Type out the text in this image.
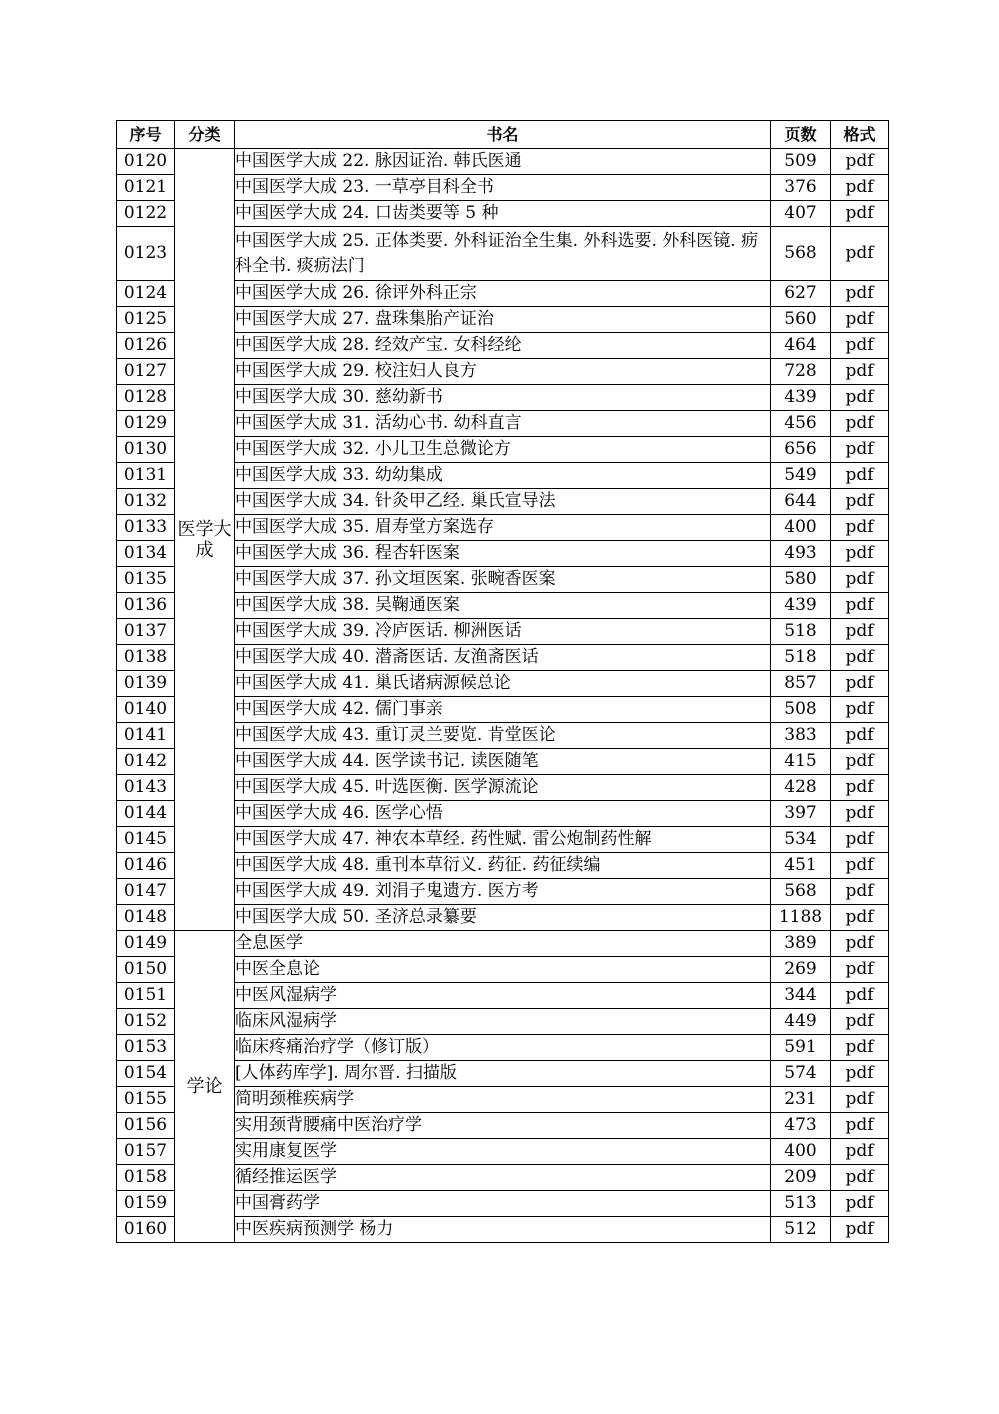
序号	分类	书名	页数	格式
0120	医学大成	中国医学大成 22. 脉因证治. 韩氏医通	509	pdf
0121		中国医学大成 23. 一草亭目科全书	376	pdf
0122		中国医学大成 24. 口齿类要等 5 种	407	pdf
0123		中国医学大成 25. 正体类要. 外科证治全生集. 外科选要. 外科医镜. 疬科全书. 痰疬法门	568	pdf
0124		中国医学大成 26. 徐评外科正宗	627	pdf
0125		中国医学大成 27. 盘珠集胎产证治	560	pdf
0126		中国医学大成 28. 经效产宝. 女科经纶	464	pdf
0127		中国医学大成 29. 校注妇人良方	728	pdf
0128		中国医学大成 30. 慈幼新书	439	pdf
0129		中国医学大成 31. 活幼心书. 幼科直言	456	pdf
0130		中国医学大成 32. 小儿卫生总微论方	656	pdf
0131		中国医学大成 33. 幼幼集成	549	pdf
0132		中国医学大成 34. 针灸甲乙经. 巢氏宣导法	644	pdf
0133		中国医学大成 35. 眉寿堂方案选存	400	pdf
0134		中国医学大成 36. 程杏轩医案	493	pdf
0135		中国医学大成 37. 孙文垣医案. 张畹香医案	580	pdf
0136		中国医学大成 38. 吴鞠通医案	439	pdf
0137		中国医学大成 39. 冷庐医话. 柳洲医话	518	pdf
0138		中国医学大成 40. 潜斋医话. 友渔斋医话	518	pdf
0139		中国医学大成 41. 巢氏诸病源候总论	857	pdf
0140		中国医学大成 42. 儒门事亲	508	pdf
0141		中国医学大成 43. 重订灵兰要览. 肯堂医论	383	pdf
0142		中国医学大成 44. 医学读书记. 读医随笔	415	pdf
0143		中国医学大成 45. 叶选医衡. 医学源流论	428	pdf
0144		中国医学大成 46. 医学心悟	397	pdf
0145		中国医学大成 47. 神农本草经. 药性赋. 雷公炮制药性解	534	pdf
0146		中国医学大成 48. 重刊本草衍义. 药征. 药征续编	451	pdf
0147		中国医学大成 49. 刘涓子鬼遗方. 医方考	568	pdf
0148		中国医学大成 50. 圣济总录纂要	1188	pdf
0149	学论	全息医学	389	pdf
0150		中医全息论	269	pdf
0151		中医风湿病学	344	pdf
0152		临床风湿病学	449	pdf
0153		临床疼痛治疗学（修订版）	591	pdf
0154		[人体药库学]. 周尔晋. 扫描版	574	pdf
0155		简明颈椎疾病学	231	pdf
0156		实用颈背腰痛中医治疗学	473	pdf
0157		实用康复医学	400	pdf
0158		循经推运医学	209	pdf
0159		中国膏药学	513	pdf
0160		中医疾病预测学 杨力	512	pdf
